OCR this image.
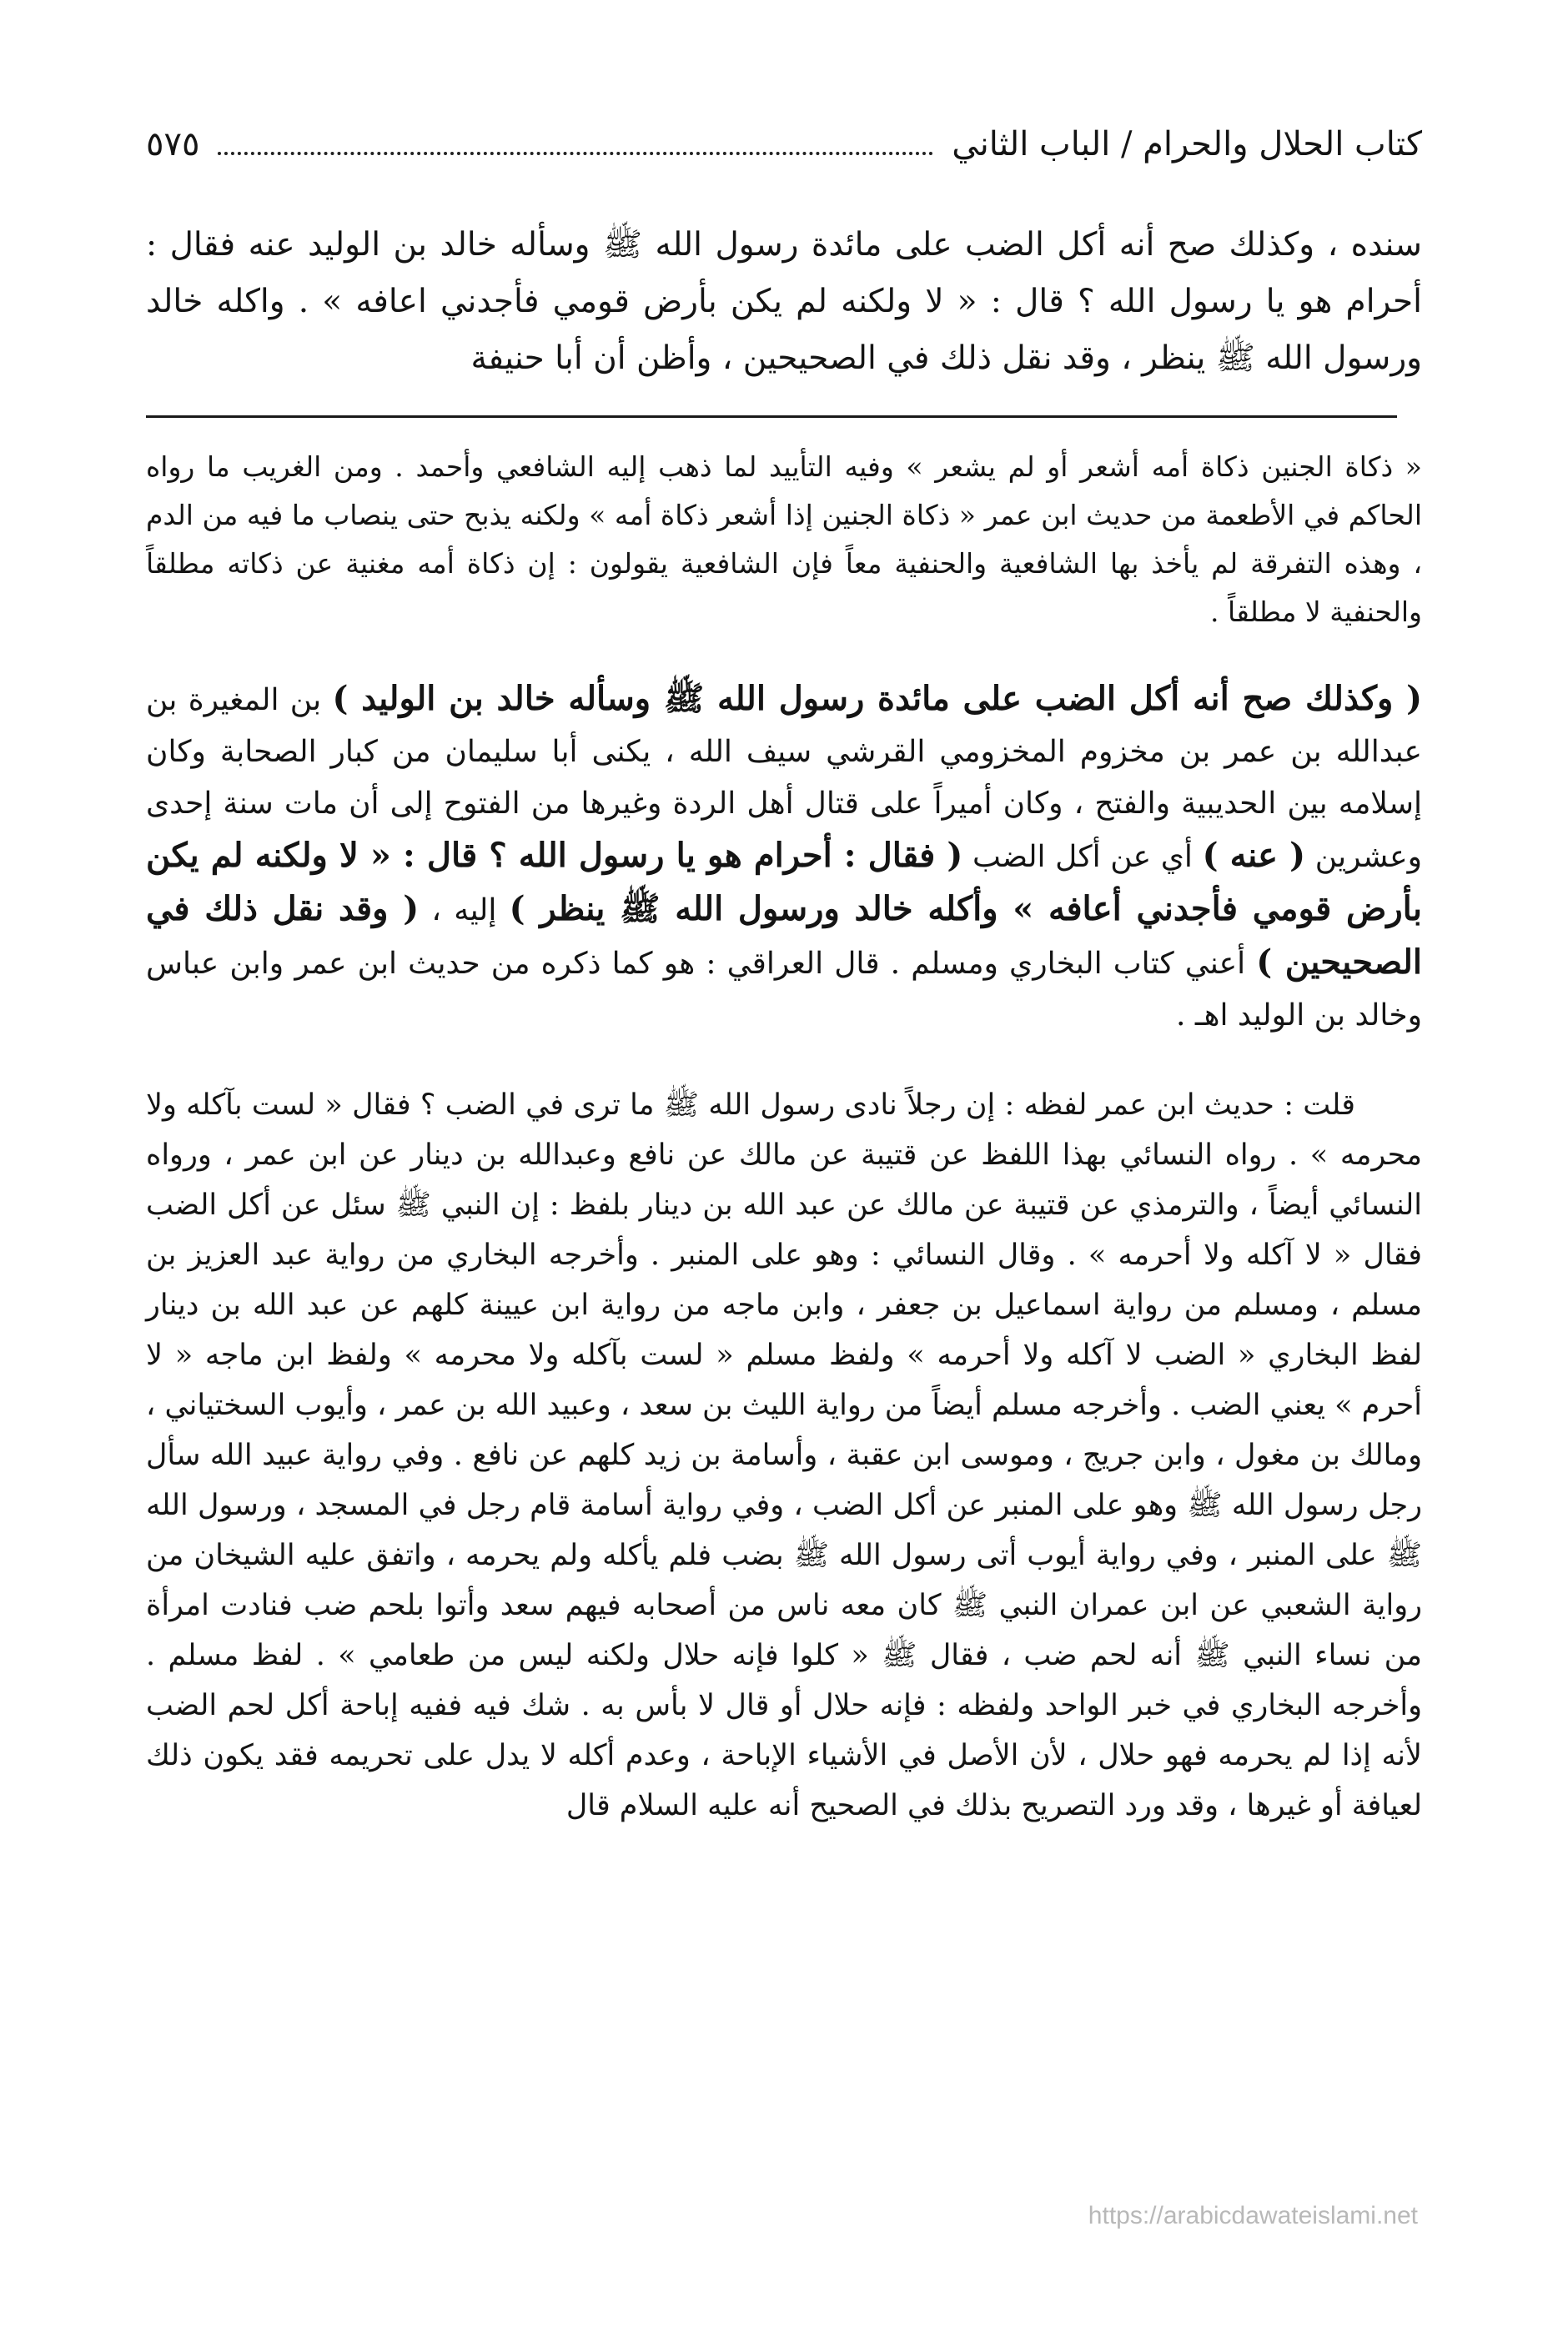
كتاب الحلال والحرام / الباب الثاني
٥٧٥

سنده ، وكذلك صح أنه أكل الضب على مائدة رسول الله ﷺ وسأله خالد بن الوليد عنه فقال : أحرام هو يا رسول الله ؟ قال : « لا ولكنه لم يكن بأرض قومي فأجدني اعافه » . واكله خالد ورسول الله ﷺ ينظر ، وقد نقل ذلك في الصحيحين ، وأظن أن أبا حنيفة

« ذكاة الجنين ذكاة أمه أشعر أو لم يشعر » وفيه التأييد لما ذهب إليه الشافعي وأحمد . ومن الغريب ما رواه الحاكم في الأطعمة من حديث ابن عمر « ذكاة الجنين إذا أشعر ذكاة أمه » ولكنه يذبح حتى ينصاب ما فيه من الدم ، وهذه التفرقة لم يأخذ بها الشافعية والحنفية معاً فإن الشافعية يقولون : إن ذكاة أمه مغنية عن ذكاته مطلقاً والحنفية لا مطلقاً .

( وكذلك صح أنه أكل الضب على مائدة رسول الله ﷺ وسأله خالد بن الوليد ) بن المغيرة بن عبدالله بن عمر بن مخزوم المخزومي القرشي سيف الله ، يكنى أبا سليمان من كبار الصحابة وكان إسلامه بين الحديبية والفتح ، وكان أميراً على قتال أهل الردة وغيرها من الفتوح إلى أن مات سنة إحدى وعشرين ( عنه ) أي عن أكل الضب ( فقال : أحرام هو يا رسول الله ؟ قال : « لا ولكنه لم يكن بأرض قومي فأجدني أعافه » وأكله خالد ورسول الله ﷺ ينظر ) إليه ، ( وقد نقل ذلك في الصحيحين ) أعني كتاب البخاري ومسلم . قال العراقي : هو كما ذكره من حديث ابن عمر وابن عباس وخالد بن الوليد اهـ .

قلت : حديث ابن عمر لفظه : إن رجلاً نادى رسول الله ﷺ ما ترى في الضب ؟ فقال « لست بآكله ولا محرمه » . رواه النسائي بهذا اللفظ عن قتيبة عن مالك عن نافع وعبدالله بن دينار عن ابن عمر ، ورواه النسائي أيضاً ، والترمذي عن قتيبة عن مالك عن عبد الله بن دينار بلفظ : إن النبي ﷺ سئل عن أكل الضب فقال « لا آكله ولا أحرمه » . وقال النسائي : وهو على المنبر . وأخرجه البخاري من رواية عبد العزيز بن مسلم ، ومسلم من رواية اسماعيل بن جعفر ، وابن ماجه من رواية ابن عيينة كلهم عن عبد الله بن دينار لفظ البخاري « الضب لا آكله ولا أحرمه » ولفظ مسلم « لست بآكله ولا محرمه » ولفظ ابن ماجه « لا أحرم » يعني الضب . وأخرجه مسلم أيضاً من رواية الليث بن سعد ، وعبيد الله بن عمر ، وأيوب السختياني ، ومالك بن مغول ، وابن جريج ، وموسى ابن عقبة ، وأسامة بن زيد كلهم عن نافع . وفي رواية عبيد الله سأل رجل رسول الله ﷺ وهو على المنبر عن أكل الضب ، وفي رواية أسامة قام رجل في المسجد ، ورسول الله ﷺ على المنبر ، وفي رواية أيوب أتى رسول الله ﷺ بضب فلم يأكله ولم يحرمه ، واتفق عليه الشيخان من رواية الشعبي عن ابن عمران النبي ﷺ كان معه ناس من أصحابه فيهم سعد وأتوا بلحم ضب فنادت امرأة من نساء النبي ﷺ أنه لحم ضب ، فقال ﷺ « كلوا فإنه حلال ولكنه ليس من طعامي » . لفظ مسلم . وأخرجه البخاري في خبر الواحد ولفظه : فإنه حلال أو قال لا بأس به . شك فيه ففيه إباحة أكل لحم الضب لأنه إذا لم يحرمه فهو حلال ، لأن الأصل في الأشياء الإباحة ، وعدم أكله لا يدل على تحريمه فقد يكون ذلك لعيافة أو غيرها ، وقد ورد التصريح بذلك في الصحيح أنه عليه السلام قال

https://arabicdawateislami.net
